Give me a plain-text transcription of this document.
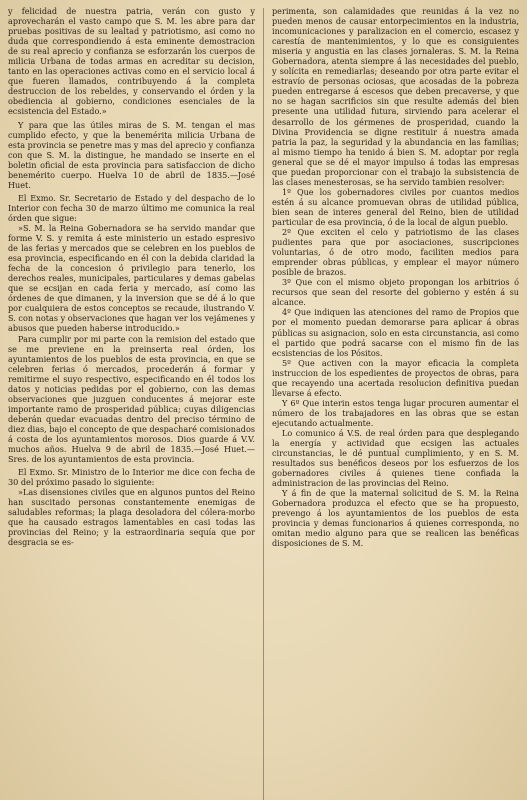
y felicidad de nuestra patria, verán con gusto y aprovecharán el vasto campo que S. M. les abre para dar pruebas positivas de su lealtad y patriotismo, asi como no duda que correspondiendo á esta eminente demostracion de su real aprecio y confianza se esforzarán los cuerpos de milicia Urbana de todas armas en acreditar su decision, tanto en las operaciones activas como en el servicio local á que fueren llamados, contribuyendo á la completa destruccion de los rebeldes, y conservando el órden y la obediencia al gobierno, condiciones esenciales de la ecsistencia del Estado.»

Y para que las útiles miras de S. M. tengan el mas cumplido efecto, y que la benemérita milicia Urbana de esta provincia se penetre mas y mas del aprecio y confianza con que S. M. la distingue, he mandado se inserte en el boletin oficial de esta provincia para satisfaccion de dicho benemérito cuerpo. Huelva 10 de abril de 1835.—José Huet.

El Exmo. Sr. Secretario de Estado y del despacho de lo Interior con fecha 30 de marzo último me comunica la real órden que sigue:

»S. M. la Reina Gobernadora se ha servido mandar que forme V. S. y remita á este ministerio un estado espresivo de las ferias y mercados que se celebren en los pueblos de esa provincia, especificando en él con la debida claridad la fecha de la concesion ó privilegio para tenerlo, los derechos reales, municipales, particulares y demas gabelas que se ecsijan en cada feria y mercado, así como las órdenes de que dimanen, y la inversion que se dé á lo que por cualquiera de estos conceptos se recaude, ilustrando V. S. con notas y observaciones que hagan ver los vejámenes y abusos que pueden haberse introducido.»

Para cumplir por mi parte con la remision del estado que se me previene en la preinserta real órden, los ayuntamientos de los pueblos de esta provincia, en que se celebren ferias ó mercados, procederán á formar y remitirme el suyo respectivo, especificando en él todos los datos y noticias pedidas por el gobierno, con las demas observaciones que juzguen conducentes á mejorar este importante ramo de prosperidad pública; cuyas diligencias deberán quedar evacuadas dentro del preciso término de diez dias, bajo el concepto de que despacharé comisionados á costa de los ayuntamientos morosos. Dios guarde á V.V. muchos años. Huelva 9 de abril de 1835.—José Huet.—Sres. de los ayuntamientos de esta provincia.

El Exmo. Sr. Ministro de lo Interior me dice con fecha de 30 del próximo pasado lo siguiente:

»Las disensiones civiles que en algunos puntos del Reino han suscitado personas constantemente enemigas de saludables reformas; la plaga desoladora del cólera-morbo que ha causado estragos lamentables en casi todas las provincias del Reino; y la estraordinaria sequía que por desgracia se es-

perimenta, son calamidades que reunidas á la vez no pueden menos de causar entorpecimientos en la industria, incomunicaciones y paralizacion en el comercio, escasez y carestía de mantenimientos, y lo que es consiguientes miseria y angustia en las clases jornaleras. S. M. la Reina Gobernadora, atenta siempre á las necesidades del pueblo, y solícita en remediarlas; deseando por otra parte evitar el estravío de personas ociosas, que acosadas de la pobreza pueden entregarse á escesos que deben precaverse, y que no se hagan sacrificios sin que resulte además del bien presente una utilidad futura, sirviendo para acelerar el desarrollo de los gérmenes de prosperidad, cuando la Divina Providencia se digne restituir á nuestra amada patria la paz, la seguridad y la abundancia en las familias; al mismo tiempo ha tenido á bien S. M. adoptar por regla general que se dé el mayor impulso á todas las empresas que puedan proporcionar con el trabajo la subsistencia de las clases menesterosas, se ha servido tambien resolver:

1º Que los gobernadores civiles por cuantos medios estén á su alcance promuevan obras de utilidad pública, bien sean de interes general del Reino, bien de utilidad particular de esa provincia, ó de la local de algun pueblo.

2º Que exciten el celo y patriotismo de las clases pudientes para que por asociaciones, suscripciones voluntarias, ó de otro modo, faciliten medios para emprender obras públicas, y emplear el mayor número posible de brazos.

3º Que con el mismo objeto propongan los arbitrios ó recursos que sean del resorte del gobierno y estén á su alcance.

4º Que indiquen las atenciones del ramo de Propios que por el momento puedan demorarse para aplicar á obras públicas su asignacion, solo en esta circunstancia, asi como el partido que podrá sacarse con el mismo fin de las ecsistencias de los Pósitos.

5º Que activen con la mayor eficacia la completa instruccion de los espedientes de proyectos de obras, para que recayendo una acertada resolucion definitiva puedan llevarse á efecto.

Y 6º Que interin estos tenga lugar procuren aumentar el número de los trabajadores en las obras que se estan ejecutando actualmente.

Lo comunico á V.S. de real órden para que desplegando la energía y actividad que ecsigen las actuales circunstancias, le dé puntual cumplimiento, y en S. M. resultados sus benéficos deseos por los esfuerzos de los gobernadores civiles á quienes tiene confiada la administracion de las provincias del Reino.

Y á fin de que la maternal solicitud de S. M. la Reina Gobernadora produzca el efecto que se ha propuesto, prevengo á los ayuntamientos de los pueblos de esta provincia y demas funcionarios á quienes corresponda, no omitan medio alguno para que se realicen las benéficas disposiciones de S. M.
